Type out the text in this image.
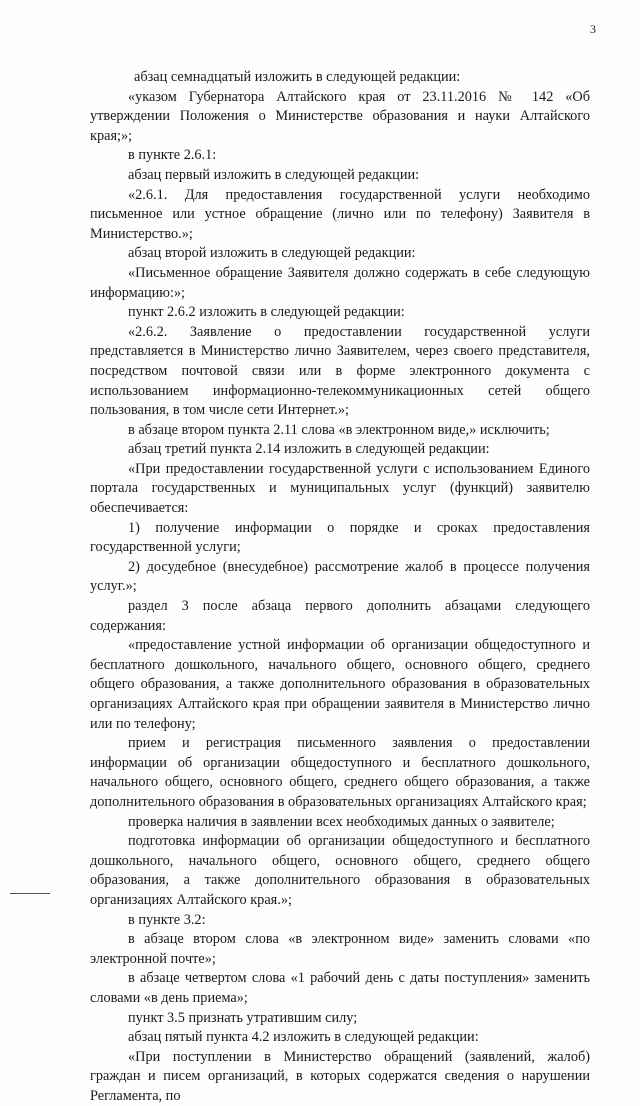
3

абзац семнадцатый изложить в следующей редакции:

«указом Губернатора Алтайского края от 23.11.2016 № 142 «Об утверждении Положения о Министерстве образования и науки Алтайского края;»;

в пункте 2.6.1:

абзац первый изложить в следующей редакции:

«2.6.1. Для предоставления государственной услуги необходимо письменное или устное обращение (лично или по телефону) Заявителя в Министерство.»;

абзац второй изложить в следующей редакции:

«Письменное обращение Заявителя должно содержать в себе следующую информацию:»;

пункт 2.6.2 изложить в следующей редакции:

«2.6.2. Заявление о предоставлении государственной услуги представляется в Министерство лично Заявителем, через своего представителя, посредством почтовой связи или в форме электронного документа с использованием информационно-телекоммуникационных сетей общего пользования, в том числе сети Интернет.»;

в абзаце втором пункта 2.11 слова «в электронном виде,» исключить;

абзац третий пункта 2.14 изложить в следующей редакции:

«При предоставлении государственной услуги с использованием Единого портала государственных и муниципальных услуг (функций) заявителю обеспечивается:

1) получение информации о порядке и сроках предоставления государственной услуги;

2) досудебное (внесудебное) рассмотрение жалоб в процессе получения услуг.»;

раздел 3 после абзаца первого дополнить абзацами следующего содержания:

«предоставление устной информации об организации общедоступного и бесплатного дошкольного, начального общего, основного общего, среднего общего образования, а также дополнительного образования в образовательных организациях Алтайского края при обращении заявителя в Министерство лично или по телефону;

прием и регистрация письменного заявления о предоставлении информации об организации общедоступного и бесплатного дошкольного, начального общего, основного общего, среднего общего образования, а также дополнительного образования в образовательных организациях Алтайского края;

проверка наличия в заявлении всех необходимых данных о заявителе;

подготовка информации об организации общедоступного и бесплатного дошкольного, начального общего, основного общего, среднего общего образования, а также дополнительного образования в образовательных организациях Алтайского края.»;

в пункте 3.2:

в абзаце втором слова «в электронном виде» заменить словами «по электронной почте»;

в абзаце четвертом слова «1 рабочий день с даты поступления» заменить словами «в день приема»;

пункт 3.5 признать утратившим силу;

абзац пятый пункта 4.2 изложить в следующей редакции:

«При поступлении в Министерство обращений (заявлений, жалоб) граждан и писем организаций, в которых содержатся сведения о нарушении Регламента, по
